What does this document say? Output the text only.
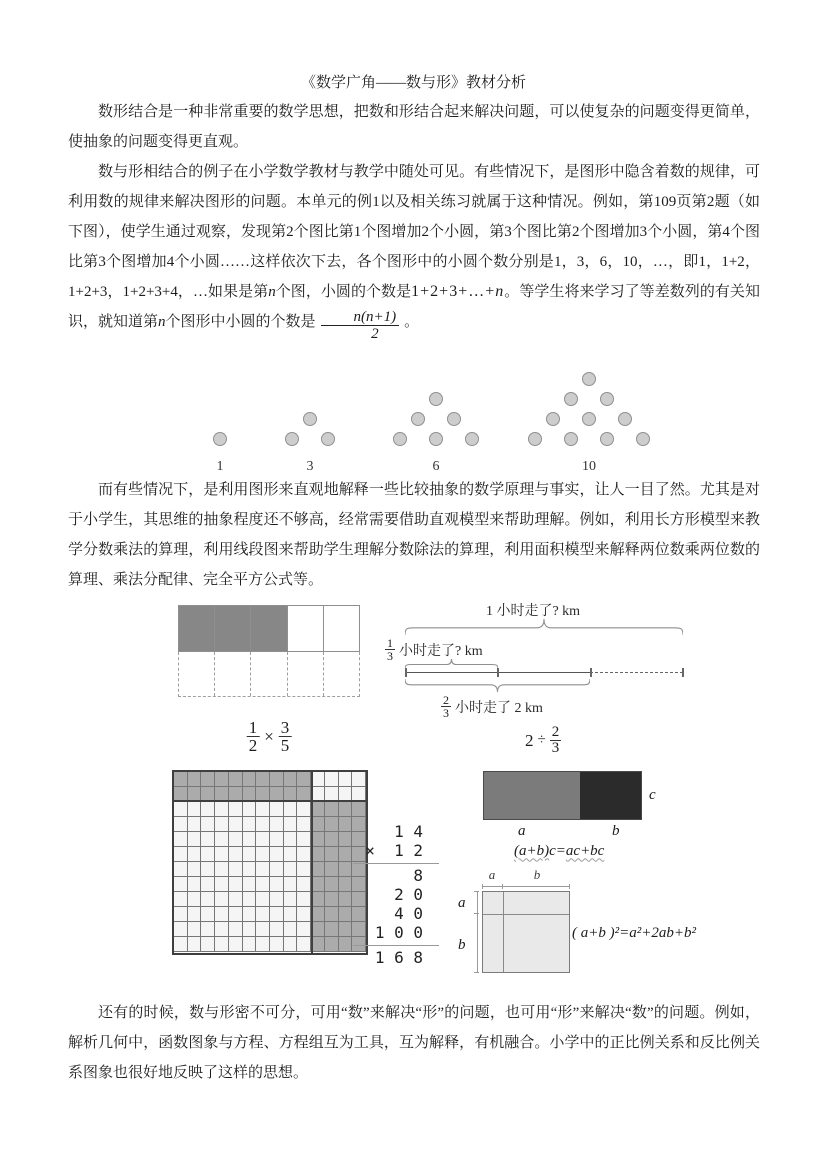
《数学广角——数与形》教材分析

数形结合是一种非常重要的数学思想，把数和形结合起来解决问题，可以使复杂的问题变得更简单，使抽象的问题变得更直观。

数与形相结合的例子在小学数学教材与教学中随处可见。有些情况下，是图形中隐含着数的规律，可利用数的规律来解决图形的问题。本单元的例1以及相关练习就属于这种情况。例如，第109页第2题（如下图），使学生通过观察，发现第2个图比第1个图增加2个小圆，第3个图比第2个图增加3个小圆，第4个图比第3个图增加4个小圆……这样依次下去，各个图形中的小圆个数分别是1，3，6，10，…，即1，1+2，1+2+3，1+2+3+4，…如果是第n个图，小圆的个数是1+2+3+…+n。等学生将来学习了等差数列的有关知识，就知道第n个图形中小圆的个数是 $\frac{n(n+1)}{2}$ 。

1	3	6	10

而有些情况下，是利用图形来直观地解释一些比较抽象的数学原理与事实，让人一目了然。尤其是对于小学生，其思维的抽象程度还不够高，经常需要借助直观模型来帮助理解。例如，利用长方形模型来教学分数乘法的算理，利用线段图来帮助学生理解分数除法的算理，利用面积模型来解释两位数乘两位数的算理、乘法分配律、完全平方公式等。

$\frac{1}{2} \times \frac{3}{5}$
1 小时走了? km
$\frac{1}{3}$ 小时走了? km
$\frac{2}{3}$ 小时走了 2 km
$2 \div \frac{2}{3}$
a	b
c
1 4
×  1 2
8
2 0
4 0
1 0 0
1 6 8
(a+b)c=ac+bc
a	b
a
b
( a+b )²=a²+2ab+b²

还有的时候，数与形密不可分，可用“数”来解决“形”的问题，也可用“形”来解决“数”的问题。例如，解析几何中，函数图象与方程、方程组互为工具，互为解释，有机融合。小学中的正比例关系和反比例关系图象也很好地反映了这样的思想。
